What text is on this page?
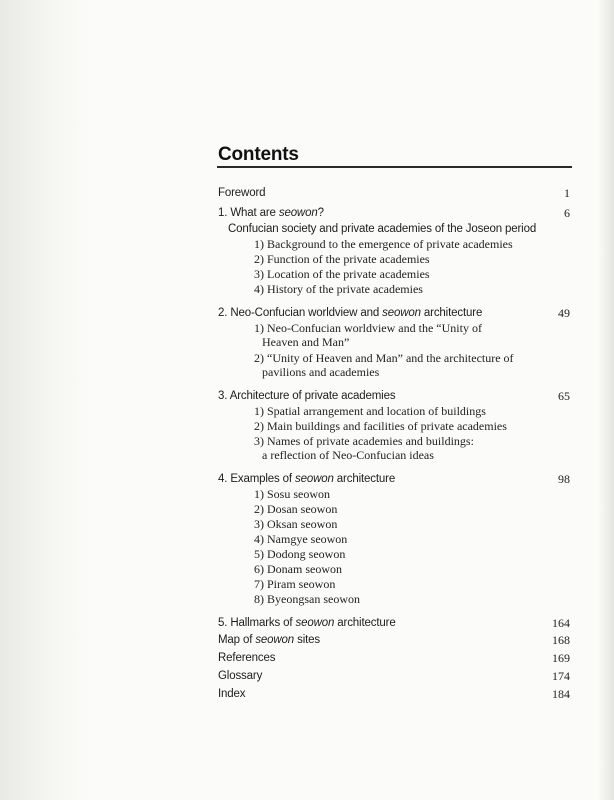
Contents
Foreword	1
1. What are seowon?	6
Confucian society and private academies of the Joseon period
1) Background to the emergence of private academies
2) Function of the private academies
3) Location of the private academies
4) History of the private academies
2. Neo-Confucian worldview and seowon architecture	49
1) Neo-Confucian worldview and the “Unity of
Heaven and Man”
2) “Unity of Heaven and Man” and the architecture of
pavilions and academies
3. Architecture of private academies	65
1) Spatial arrangement and location of buildings
2) Main buildings and facilities of private academies
3) Names of private academies and buildings:
a reflection of Neo-Confucian ideas
4. Examples of seowon architecture	98
1) Sosu seowon
2) Dosan seowon
3) Oksan seowon
4) Namgye seowon
5) Dodong seowon
6) Donam seowon
7) Piram seowon
8) Byeongsan seowon
5. Hallmarks of seowon architecture	164
Map of seowon sites	168
References	169
Glossary	174
Index	184
